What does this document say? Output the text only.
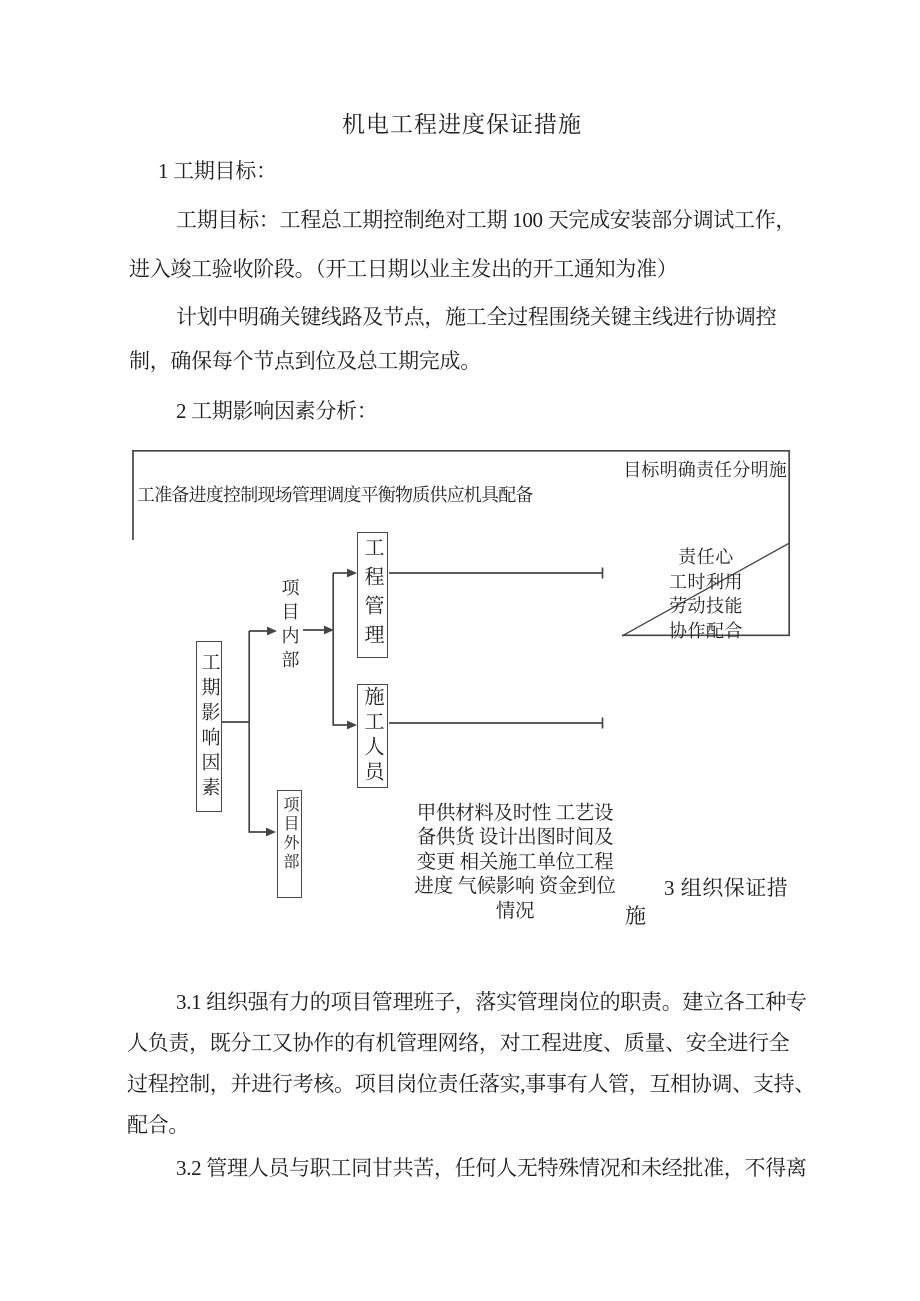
机电工程进度保证措施
1 工期目标：
工期目标：工程总工期控制绝对工期 100 天完成安装部分调试工作，
进入竣工验收阶段。（开工日期以业主发出的开工通知为准）
计划中明确关键线路及节点，施工全过程围绕关键主线进行协调控
制，确保每个节点到位及总工期完成。
2 工期影响因素分析：
目标明确责任分明施
工准备进度控制现场管理调度平衡物质供应机具配备
工期影响因素
项目内部
项目外部
工程管理
施工人员
责任心
工时利用
劳动技能
协作配合
甲供材料及时性 工艺设
备供货 设计出图时间及
变更 相关施工单位工程
进度 气候影响 资金到位
情况
3 组织保证措
施
3.1 组织强有力的项目管理班子，落实管理岗位的职责。建立各工种专
人负责，既分工又协作的有机管理网络，对工程进度、质量、安全进行全
过程控制，并进行考核。项目岗位责任落实,事事有人管，互相协调、支持、
配合。
3.2 管理人员与职工同甘共苦，任何人无特殊情况和未经批准，不得离
